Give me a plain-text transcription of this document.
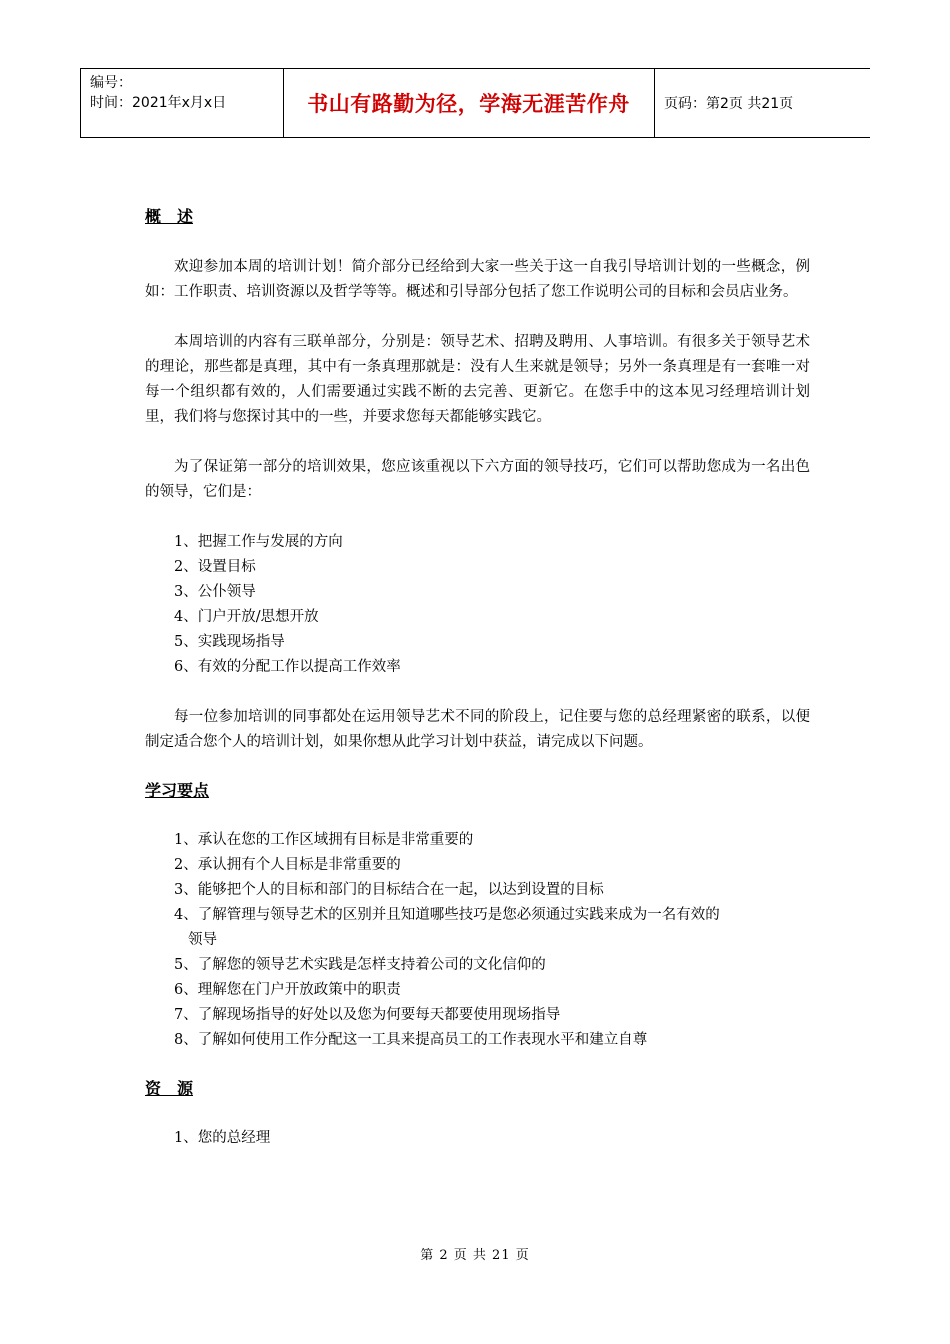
编号：
时间：2021年x月x日	书山有路勤为径，学海无涯苦作舟	页码：第2页 共21页
概　述

欢迎参加本周的培训计划！简介部分已经给到大家一些关于这一自我引导培训计划的一些概念，例如：工作职责、培训资源以及哲学等等。概述和引导部分包括了您工作说明公司的目标和会员店业务。

本周培训的内容有三联单部分，分别是：领导艺术、招聘及聘用、人事培训。有很多关于领导艺术的理论，那些都是真理，其中有一条真理那就是：没有人生来就是领导；另外一条真理是有一套唯一对每一个组织都有效的，人们需要通过实践不断的去完善、更新它。在您手中的这本见习经理培训计划里，我们将与您探讨其中的一些，并要求您每天都能够实践它。

为了保证第一部分的培训效果，您应该重视以下六方面的领导技巧，它们可以帮助您成为一名出色的领导，它们是：

1、把握工作与发展的方向
2、设置目标
3、公仆领导
4、门户开放/思想开放
5、实践现场指导
6、有效的分配工作以提高工作效率

每一位参加培训的同事都处在运用领导艺术不同的阶段上，记住要与您的总经理紧密的联系，以便制定适合您个人的培训计划，如果你想从此学习计划中获益，请完成以下问题。

学习要点
1、承认在您的工作区域拥有目标是非常重要的
2、承认拥有个人目标是非常重要的
3、能够把个人的目标和部门的目标结合在一起，以达到设置的目标
4、了解管理与领导艺术的区别并且知道哪些技巧是您必须通过实践来成为一名有效的
领导
5、了解您的领导艺术实践是怎样支持着公司的文化信仰的
6、理解您在门户开放政策中的职责
7、了解现场指导的好处以及您为何要每天都要使用现场指导
8、了解如何使用工作分配这一工具来提高员工的工作表现水平和建立自尊
资　源
1、您的总经理
第 2 页 共 21 页
